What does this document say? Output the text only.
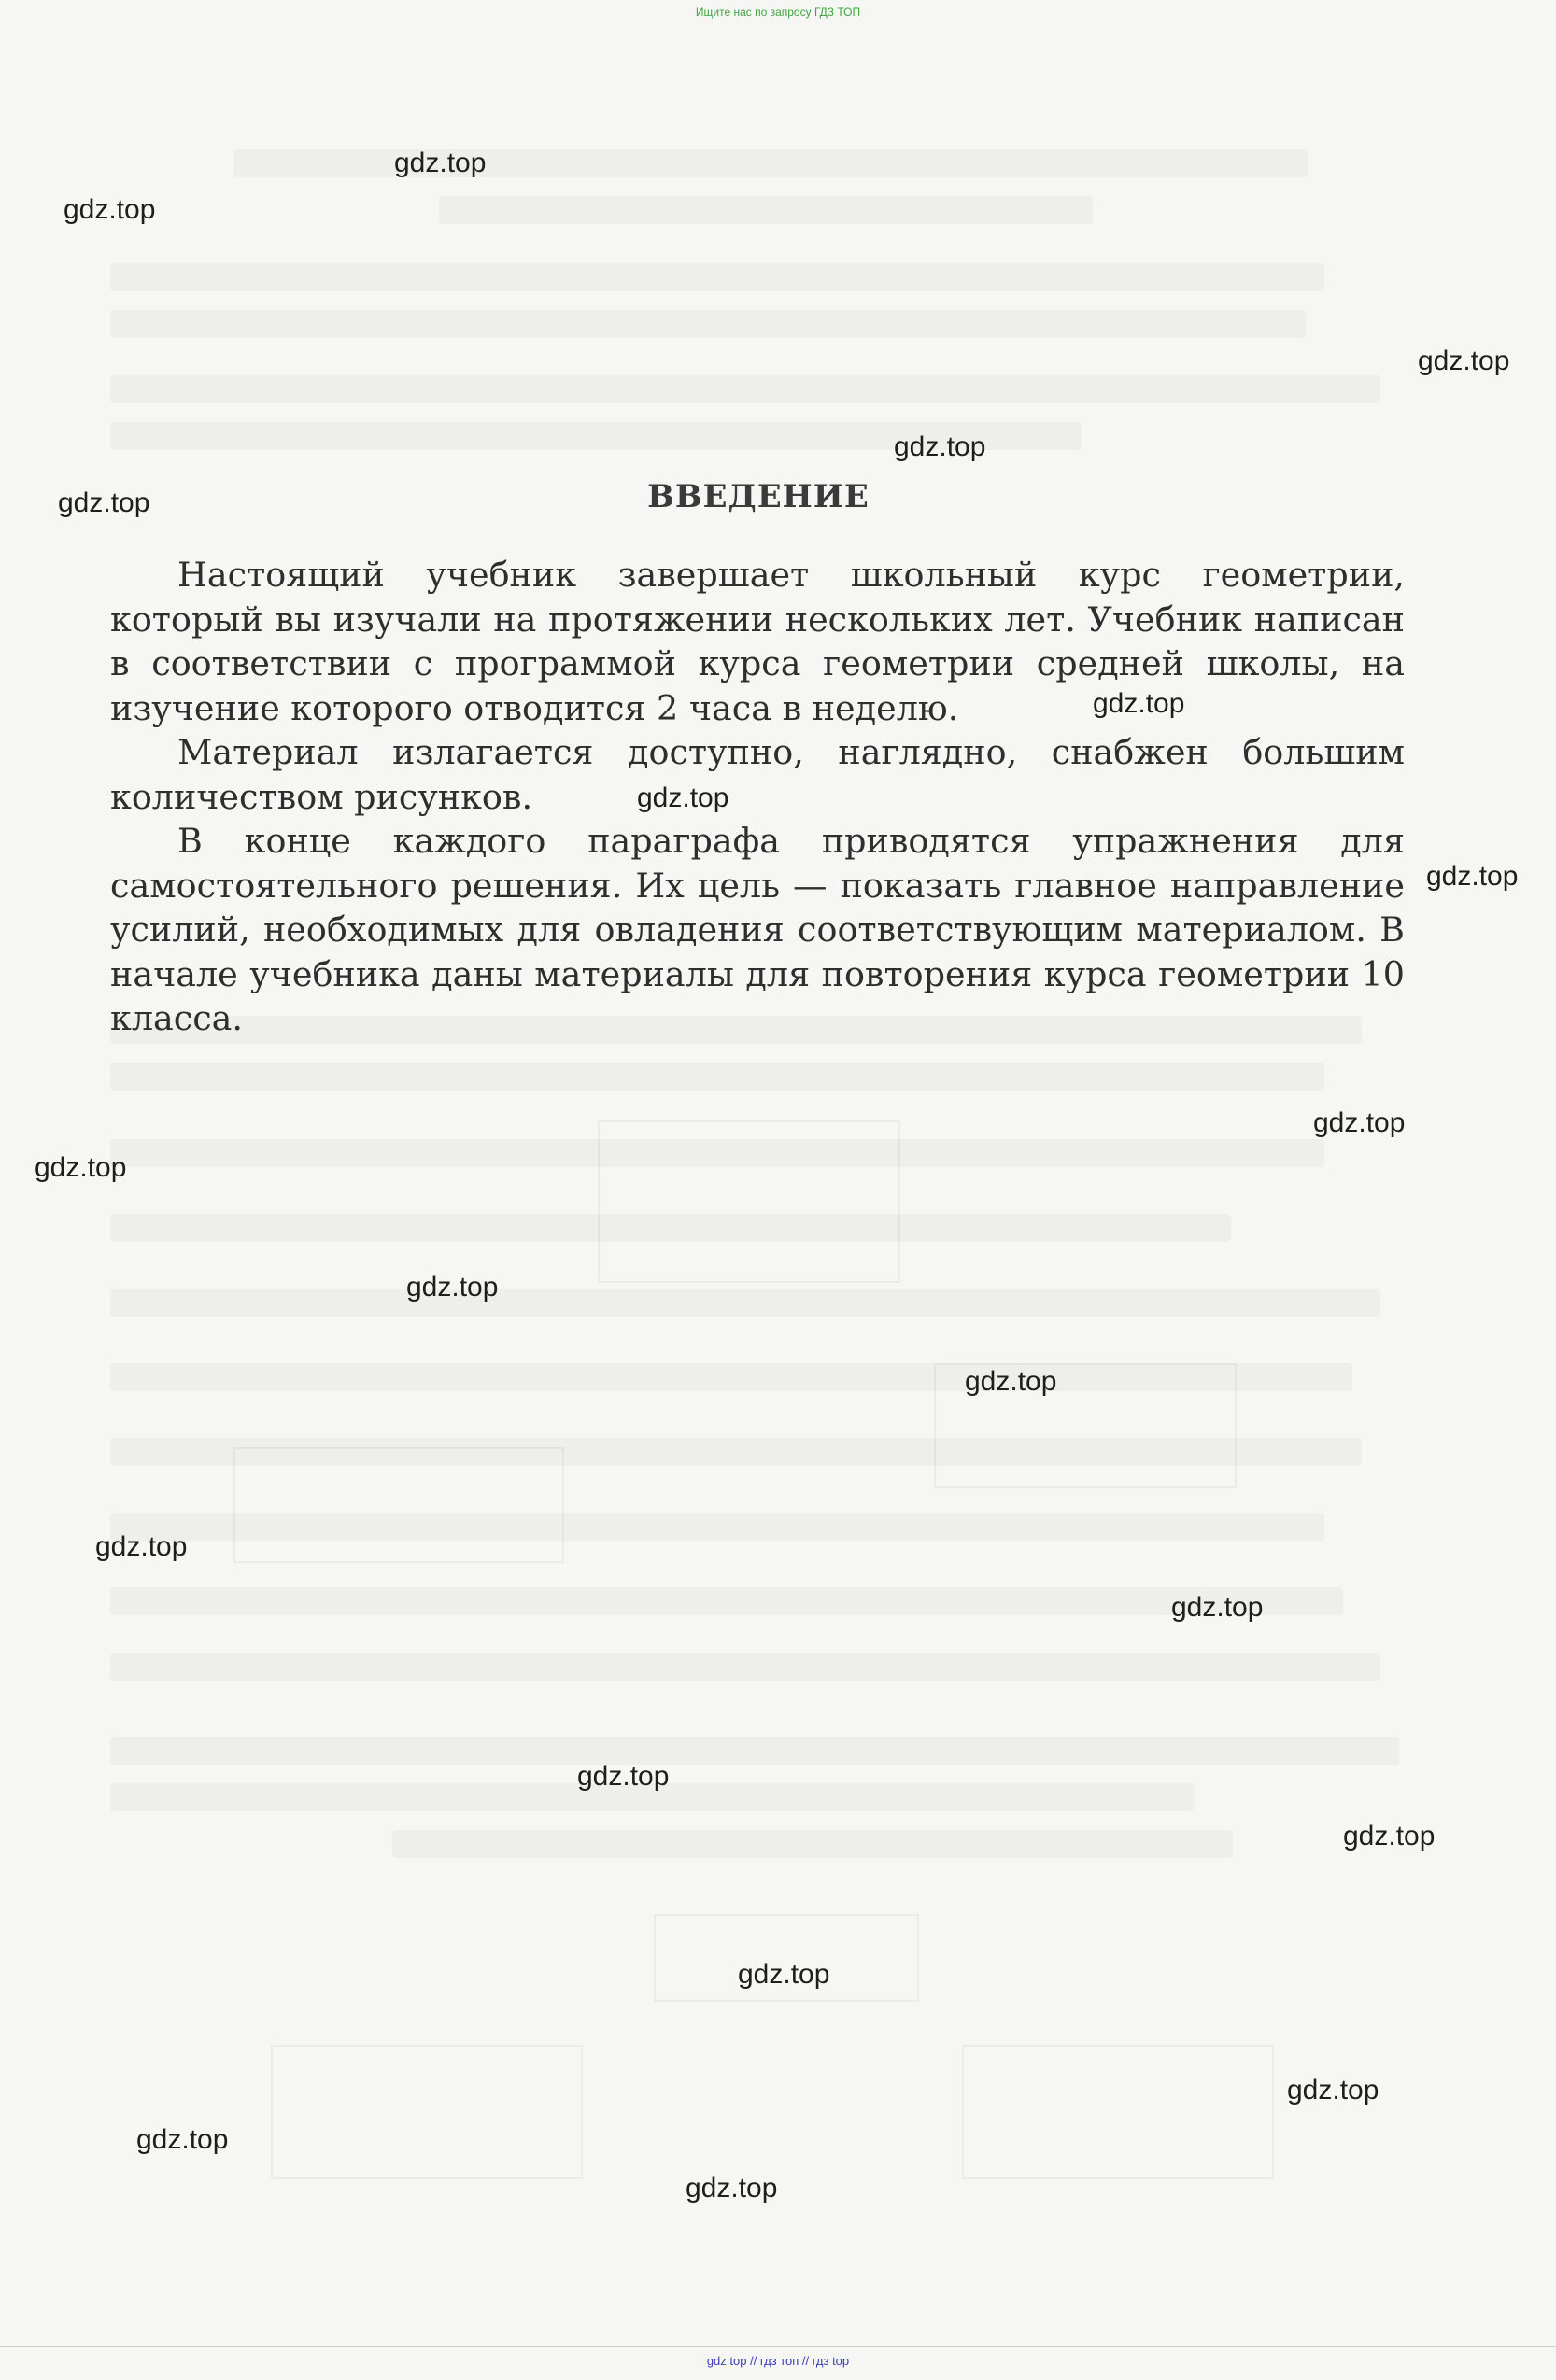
Ищите нас по запросу ГДЗ ТОП
ВВЕДЕНИЕ

Настоящий учебник завершает школьный курс геометрии, который вы изучали на протяжении нескольких лет. Учебник написан в соответствии с программой курса геометрии средней школы, на изучение которого отводится 2 часа в неделю.

Материал излагается доступно, наглядно, снабжен большим количеством рисунков.

В конце каждого параграфа приводятся упражнения для самостоятельного решения. Их цель — показать главное направление усилий, необходимых для овладения соответствующим материалом. В начале учебника даны материалы для повторения курса геометрии 10 класса.

gdz.top
gdz.top
gdz.top
gdz.top
gdz.top
gdz.top
gdz.top
gdz.top
gdz.top
gdz.top
gdz.top
gdz.top
gdz.top
gdz.top
gdz.top
gdz.top
gdz.top
gdz.top
gdz.top
gdz.top
gdz top // гдз топ // гдз top
